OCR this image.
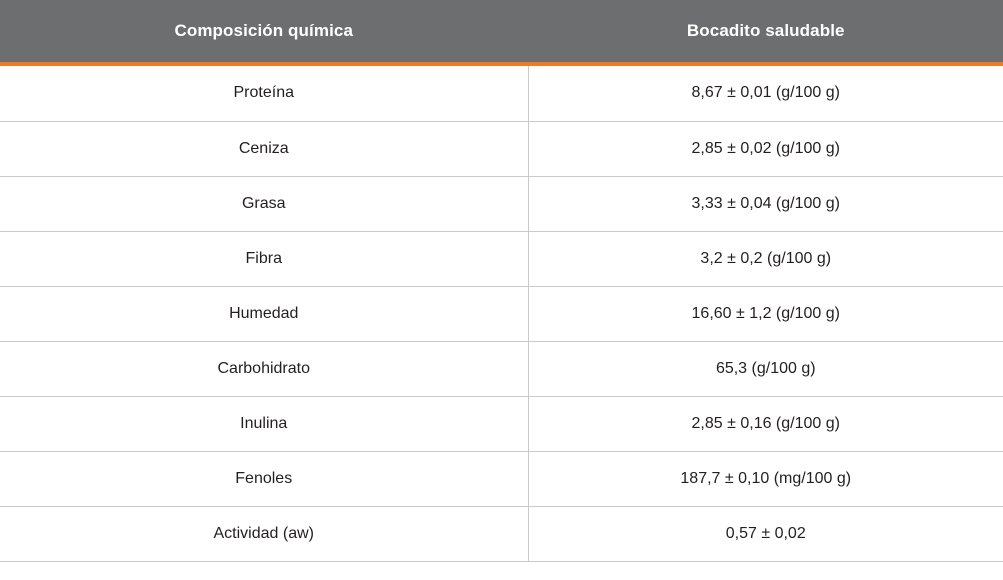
Composición química	Bocadito saludable

Proteína	8,67 ± 0,01 (g/100 g)
Ceniza	2,85 ± 0,02 (g/100 g)
Grasa	3,33 ± 0,04 (g/100 g)
Fibra	3,2 ± 0,2 (g/100 g)
Humedad	16,60 ± 1,2 (g/100 g)
Carbohidrato	65,3 (g/100 g)
Inulina	2,85 ± 0,16 (g/100 g)
Fenoles	187,7 ± 0,10 (mg/100 g)
Actividad (aw)	0,57 ± 0,02
